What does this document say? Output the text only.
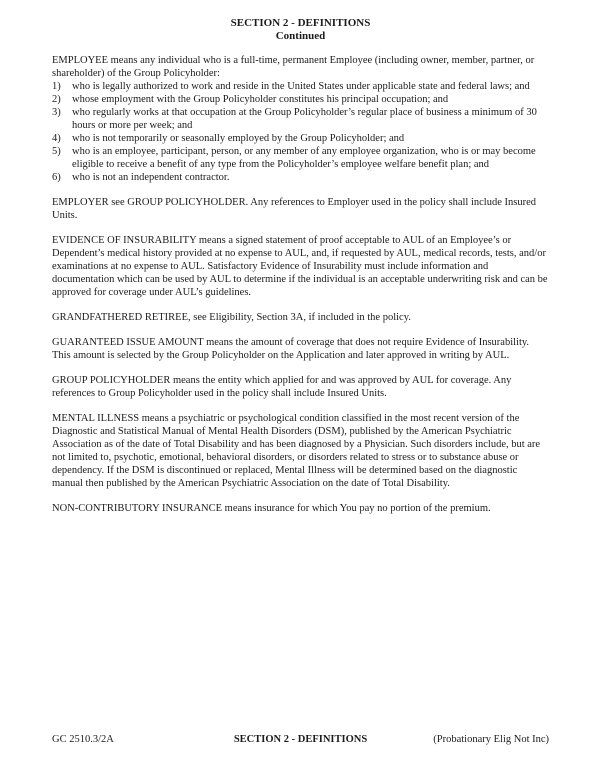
SECTION 2 - DEFINITIONS
Continued

EMPLOYEE means any individual who is a full-time, permanent Employee (including owner, member, partner, or shareholder) of the Group Policyholder:

1)	who is legally authorized to work and reside in the United States under applicable state and federal laws; and
2)	whose employment with the Group Policyholder constitutes his principal occupation; and
3)	who regularly works at that occupation at the Group Policyholder’s regular place of business a minimum of 30 hours or more per week; and
4)	who is not temporarily or seasonally employed by the Group Policyholder; and
5)	who is an employee, participant, person, or any member of any employee organization, who is or may become eligible to receive a benefit of any type from the Policyholder’s employee welfare benefit plan; and
6)	who is not an independent contractor.

EMPLOYER see GROUP POLICYHOLDER. Any references to Employer used in the policy shall include Insured Units.

EVIDENCE OF INSURABILITY means a signed statement of proof acceptable to AUL of an Employee’s or Dependent’s medical history provided at no expense to AUL, and, if requested by AUL, medical records, tests, and/or examinations at no expense to AUL. Satisfactory Evidence of Insurability must include information and documentation which can be used by AUL to determine if the individual is an acceptable underwriting risk and can be approved for coverage under AUL’s guidelines.

GRANDFATHERED RETIREE, see Eligibility, Section 3A, if included in the policy.

GUARANTEED ISSUE AMOUNT means the amount of coverage that does not require Evidence of Insurability. This amount is selected by the Group Policyholder on the Application and later approved in writing by AUL.

GROUP POLICYHOLDER means the entity which applied for and was approved by AUL for coverage. Any references to Group Policyholder used in the policy shall include Insured Units.

MENTAL ILLNESS means a psychiatric or psychological condition classified in the most recent version of the Diagnostic and Statistical Manual of Mental Health Disorders (DSM), published by the American Psychiatric Association as of the date of Total Disability and has been diagnosed by a Physician. Such disorders include, but are not limited to, psychotic, emotional, behavioral disorders, or disorders related to stress or to substance abuse or dependency. If the DSM is discontinued or replaced, Mental Illness will be determined based on the diagnostic manual then published by the American Psychiatric Association on the date of Total Disability.

NON-CONTRIBUTORY INSURANCE means insurance for which You pay no portion of the premium.

GC 2510.3/2A	SECTION 2 - DEFINITIONS	(Probationary Elig Not Inc)
